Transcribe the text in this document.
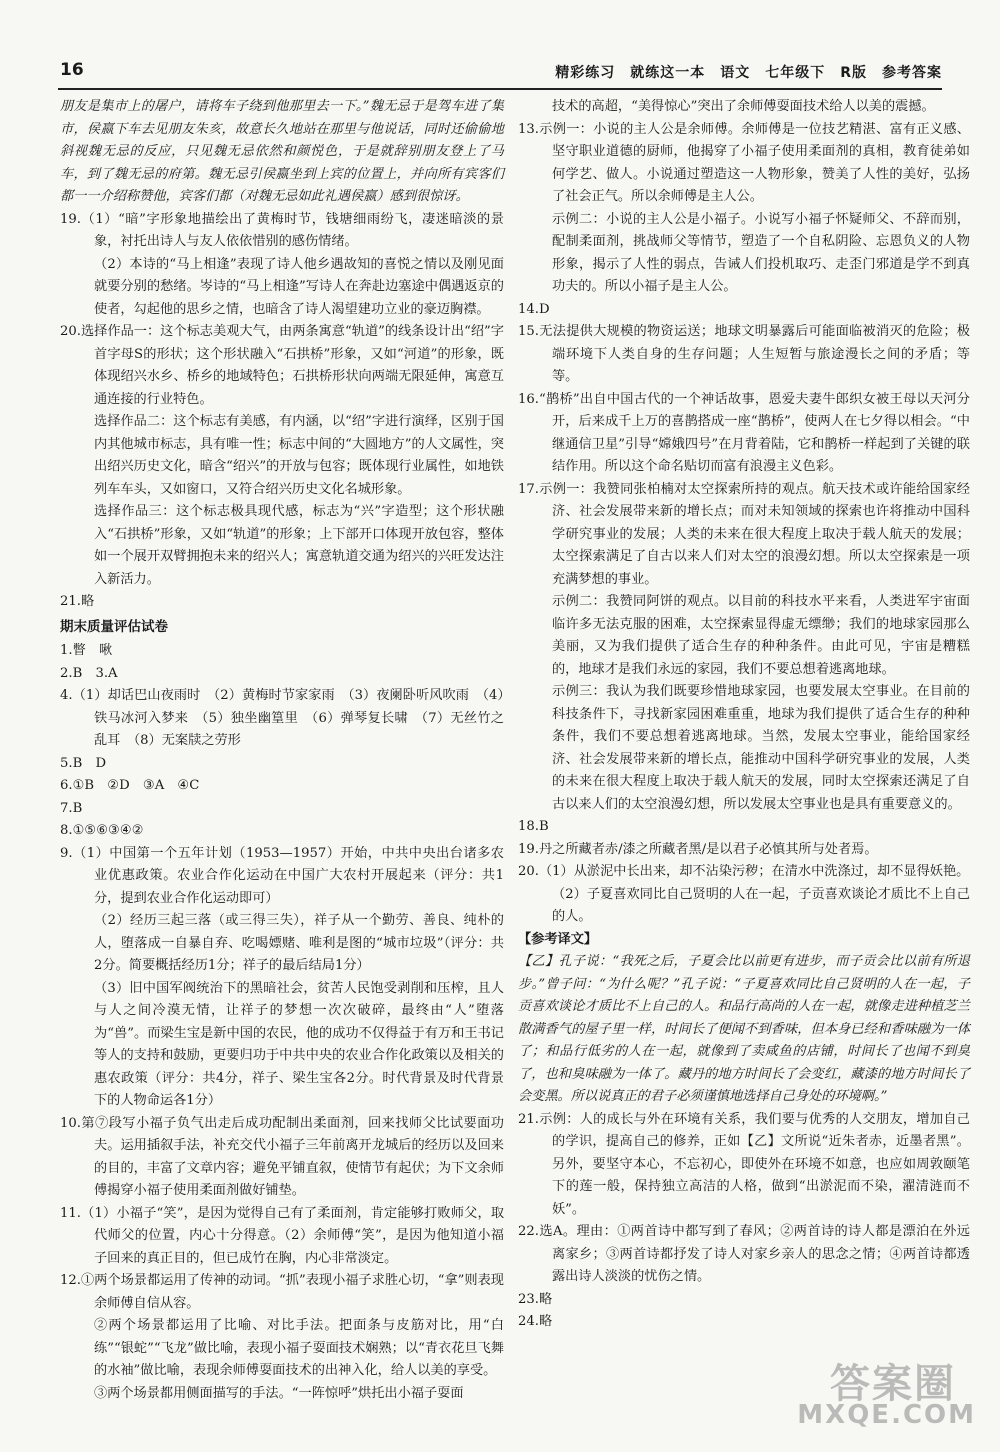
16	精彩练习　就练这一本　语文　七年级下　R版　参考答案

朋友是集市上的屠户，请将车子绕到他那里去一下。”魏无忌于是驾车进了集市，侯嬴下车去见朋友朱亥，故意长久地站在那里与他说话，同时还偷偷地斜视魏无忌的反应，只见魏无忌依然和颜悦色，于是就辞别朋友登上了马车，到了魏无忌的府第。魏无忌引侯嬴坐到上宾的位置上，并向所有宾客们都一一介绍称赞他，宾客们都（对魏无忌如此礼遇侯嬴）感到很惊讶。

19.（1）“暗”字形象地描绘出了黄梅时节，钱塘细雨纷飞，凄迷暗淡的景象，衬托出诗人与友人依依惜别的感伤情绪。

（2）本诗的“马上相逢”表现了诗人他乡遇故知的喜悦之情以及刚见面就要分别的愁绪。岑诗的“马上相逢”写诗人在奔赴边塞途中偶遇返京的使者，勾起他的思乡之情，也暗含了诗人渴望建功立业的豪迈胸襟。

20.选择作品一：这个标志美观大气，由两条寓意“轨道”的线条设计出“绍”字首字母S的形状；这个形状融入“石拱桥”形象，又如“河道”的形象，既体现绍兴水乡、桥乡的地域特色；石拱桥形状向两端无限延伸，寓意互通连接的行业特色。

选择作品二：这个标志有美感，有内涵，以“绍”字进行演绎，区别于国内其他城市标志，具有唯一性；标志中间的“大圆地方”的人文属性，突出绍兴历史文化，暗含“绍兴”的开放与包容；既体现行业属性，如地铁列车车头，又如窗口，又符合绍兴历史文化名城形象。

选择作品三：这个标志极具现代感，标志为“兴”字造型；这个形状融入“石拱桥”形象，又如“轨道”的形象；上下部开口体现开放包容，整体如一个展开双臂拥抱未来的绍兴人；寓意轨道交通为绍兴的兴旺发达注入新活力。

21.略

期末质量评估试卷

1.瞥　啾

2.B　3.A

4.（1）却话巴山夜雨时　（2）黄梅时节家家雨　（3）夜阑卧听风吹雨　（4）铁马冰河入梦来　（5）独坐幽篁里　（6）弹琴复长啸　（7）无丝竹之乱耳　（8）无案牍之劳形

5.B　D

6.①B　②D　③A　④C

7.B

8.①⑤⑥③④②

9.（1）中国第一个五年计划（1953—1957）开始，中共中央出台诸多农业优惠政策。农业合作化运动在中国广大农村开展起来（评分：共1分，提到农业合作化运动即可）

（2）经历三起三落（或三得三失），祥子从一个勤劳、善良、纯朴的人，堕落成一自暴自弃、吃喝嫖赌、唯利是图的“城市垃圾”（评分：共2分。简要概括经历1分；祥子的最后结局1分）

（3）旧中国军阀统治下的黑暗社会，贫苦人民饱受剥削和压榨，且人与人之间冷漠无情，让祥子的梦想一次次破碎，最终由“人”堕落为“兽”。而梁生宝是新中国的农民，他的成功不仅得益于有万和王书记等人的支持和鼓励，更要归功于中共中央的农业合作化政策以及相关的惠农政策（评分：共4分，祥子、梁生宝各2分。时代背景及时代背景下的人物命运各1分）

10.第⑦段写小福子负气出走后成功配制出柔面剂，回来找师父比试要面功夫。运用插叙手法，补充交代小福子三年前离开龙城后的经历以及回来的目的，丰富了文章内容；避免平铺直叙，使情节有起伏；为下文余师傅揭穿小福子使用柔面剂做好铺垫。

11.（1）小福子“笑”，是因为觉得自己有了柔面剂，肯定能够打败师父，取代师父的位置，内心十分得意。（2）余师傅“笑”，是因为他知道小福子回来的真正目的，但已成竹在胸，内心非常淡定。

12.①两个场景都运用了传神的动词。“抓”表现小福子求胜心切，“拿”则表现余师傅自信从容。

②两个场景都运用了比喻、对比手法。把面条与皮筋对比，用“白练”“银蛇”“飞龙”做比喻，表现小福子耍面技术娴熟；以“青衣花旦飞舞的水袖”做比喻，表现余师傅耍面技术的出神入化，给人以美的享受。

③两个场景都用侧面描写的手法。“一阵惊呼”烘托出小福子耍面

技术的高超，“美得惊心”突出了余师傅耍面技术给人以美的震撼。

13.示例一：小说的主人公是余师傅。余师傅是一位技艺精湛、富有正义感、坚守职业道德的厨师，他揭穿了小福子使用柔面剂的真相，教育徒弟如何学艺、做人。小说通过塑造这一人物形象，赞美了人性的美好，弘扬了社会正气。所以余师傅是主人公。

示例二：小说的主人公是小福子。小说写小福子怀疑师父、不辞而别，配制柔面剂，挑战师父等情节，塑造了一个自私阴险、忘恩负义的人物形象，揭示了人性的弱点，告诫人们投机取巧、走歪门邪道是学不到真功夫的。所以小福子是主人公。

14.D

15.无法提供大规模的物资运送；地球文明暴露后可能面临被消灭的危险；极端环境下人类自身的生存问题；人生短暂与旅途漫长之间的矛盾；等等。

16.“鹊桥”出自中国古代的一个神话故事，恩爱夫妻牛郎织女被王母以天河分开，后来成千上万的喜鹊搭成一座“鹊桥”，使两人在七夕得以相会。“中继通信卫星”引导“嫦娥四号”在月背着陆，它和鹊桥一样起到了关键的联结作用。所以这个命名贴切而富有浪漫主义色彩。

17.示例一：我赞同张柏楠对太空探索所持的观点。航天技术或许能给国家经济、社会发展带来新的增长点；而对未知领域的探索也许将推动中国科学研究事业的发展；人类的未来在很大程度上取决于载人航天的发展；太空探索满足了自古以来人们对太空的浪漫幻想。所以太空探索是一项充满梦想的事业。

示例二：我赞同阿饼的观点。以目前的科技水平来看，人类进军宇宙面临许多无法克服的困难，太空探索显得虚无缥缈；我们的地球家园那么美丽，又为我们提供了适合生存的种种条件。由此可见，宇宙是糟糕的，地球才是我们永远的家园，我们不要总想着逃离地球。

示例三：我认为我们既要珍惜地球家园，也要发展太空事业。在目前的科技条件下，寻找新家园困难重重，地球为我们提供了适合生存的种种条件，我们不要总想着逃离地球。当然，发展太空事业，能给国家经济、社会发展带来新的增长点，能推动中国科学研究事业的发展，人类的未来在很大程度上取决于载人航天的发展，同时太空探索还满足了自古以来人们的太空浪漫幻想，所以发展太空事业也是具有重要意义的。

18.B

19.丹之所藏者赤/漆之所藏者黑/是以君子必慎其所与处者焉。

20.（1）从淤泥中长出来，却不沾染污秽；在清水中洗涤过，却不显得妖艳。

（2）子夏喜欢同比自己贤明的人在一起，子贡喜欢谈论才质比不上自己的人。

【参考译文】

【乙】孔子说：“我死之后，子夏会比以前更有进步，而子贡会比以前有所退步。”曾子问：“为什么呢？”孔子说：“子夏喜欢同比自己贤明的人在一起，子贡喜欢谈论才质比不上自己的人。和品行高尚的人在一起，就像走进种植芝兰散满香气的屋子里一样，时间长了便闻不到香味，但本身已经和香味融为一体了；和品行低劣的人在一起，就像到了卖咸鱼的店铺，时间长了也闻不到臭了，也和臭味融为一体了。藏丹的地方时间长了会变红，藏漆的地方时间长了会变黑。所以说真正的君子必须谨慎地选择自己身处的环境啊。”

21.示例：人的成长与外在环境有关系，我们要与优秀的人交朋友，增加自己的学识，提高自己的修养，正如【乙】文所说“近朱者赤，近墨者黑”。另外，要坚守本心，不忘初心，即使外在环境不如意，也应如周敦颐笔下的莲一般，保持独立高洁的人格，做到“出淤泥而不染，濯清涟而不妖”。

22.选A。理由：①两首诗中都写到了春风；②两首诗的诗人都是漂泊在外远离家乡；③两首诗都抒发了诗人对家乡亲人的思念之情；④两首诗都透露出诗人淡淡的忧伤之情。

23.略

24.略

答案圈
MXQE.COM
